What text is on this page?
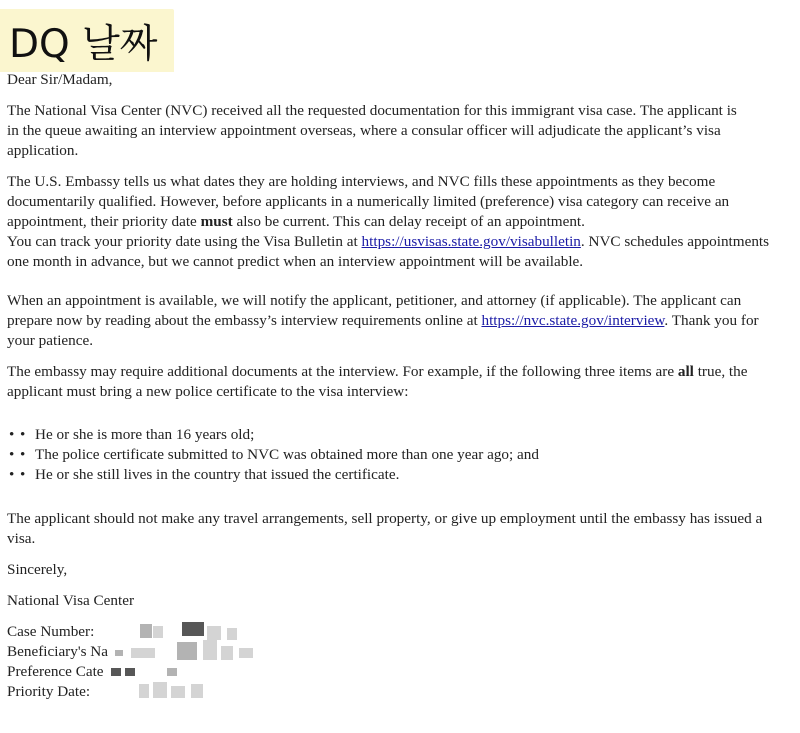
DQ 날짜

Dear Sir/Madam,

The National Visa Center (NVC) received all the requested documentation for this immigrant visa case. The applicant is
in the queue awaiting an interview appointment overseas, where a consular officer will adjudicate the applicant’s visa
application.

The U.S. Embassy tells us what dates they are holding interviews, and NVC fills these appointments as they become
documentarily qualified. However, before applicants in a numerically limited (preference) visa category can receive an
appointment, their priority date must also be current. This can delay receipt of an appointment.
You can track your priority date using the Visa Bulletin at https://usvisas.state.gov/visabulletin. NVC schedules appointments
one month in advance, but we cannot predict when an interview appointment will be available.

When an appointment is available, we will notify the applicant, petitioner, and attorney (if applicable). The applicant can
prepare now by reading about the embassy’s interview requirements online at https://nvc.state.gov/interview. Thank you for
your patience.

The embassy may require additional documents at the interview. For example, if the following three items are all true, the
applicant must bring a new police certificate to the visa interview:

• • He or she is more than 16 years old;
• • The police certificate submitted to NVC was obtained more than one year ago; and
• • He or she still lives in the country that issued the certificate.

The applicant should not make any travel arrangements, sell property, or give up employment until the embassy has issued a
visa.

Sincerely,

National Visa Center

Case Number:
Beneficiary's Na
Preference Cate
Priority Date:
